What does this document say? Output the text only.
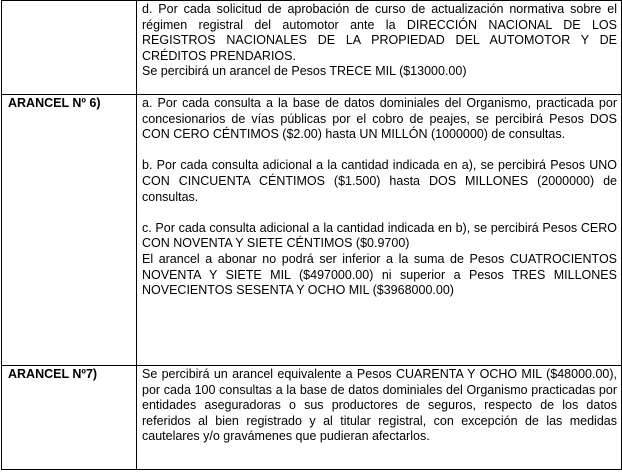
	d. Por cada solicitud de aprobación de curso de actualización normativa sobre el régimen registral del automotor ante la DIRECCIÓN NACIONAL DE LOS REGISTROS NACIONALES DE LA PROPIEDAD DEL AUTOMOTOR Y DE CRÉDITOS PRENDARIOS.

Se percibirá un arancel de Pesos TRECE MIL ($13000.00)

ARANCEL Nº 6)	a. Por cada consulta a la base de datos dominiales del Organismo, practicada por concesionarios de vías públicas por el cobro de peajes, se percibirá Pesos DOS CON CERO CÉNTIMOS ($2.00) hasta UN MILLÓN (1000000) de consultas.

b. Por cada consulta adicional a la cantidad indicada en a), se percibirá Pesos UNO CON CINCUENTA CÉNTIMOS ($1.500) hasta DOS MILLONES (2000000) de consultas.

c. Por cada consulta adicional a la cantidad indicada en b), se percibirá Pesos CERO CON NOVENTA Y SIETE CÉNTIMOS ($0.9700)

El arancel a abonar no podrá ser inferior a la suma de Pesos CUATROCIENTOS NOVENTA Y SIETE MIL ($497000.00) ni superior a Pesos TRES MILLONES NOVECIENTOS SESENTA Y OCHO MIL ($3968000.00)

ARANCEL Nº7)	Se percibirá un arancel equivalente a Pesos CUARENTA Y OCHO MIL ($48000.00), por cada 100 consultas a la base de datos dominiales del Organismo practicadas por entidades aseguradoras o sus productores de seguros, respecto de los datos referidos al bien registrado y al titular registral, con excepción de las medidas cautelares y/o gravámenes que pudieran afectarlos.
